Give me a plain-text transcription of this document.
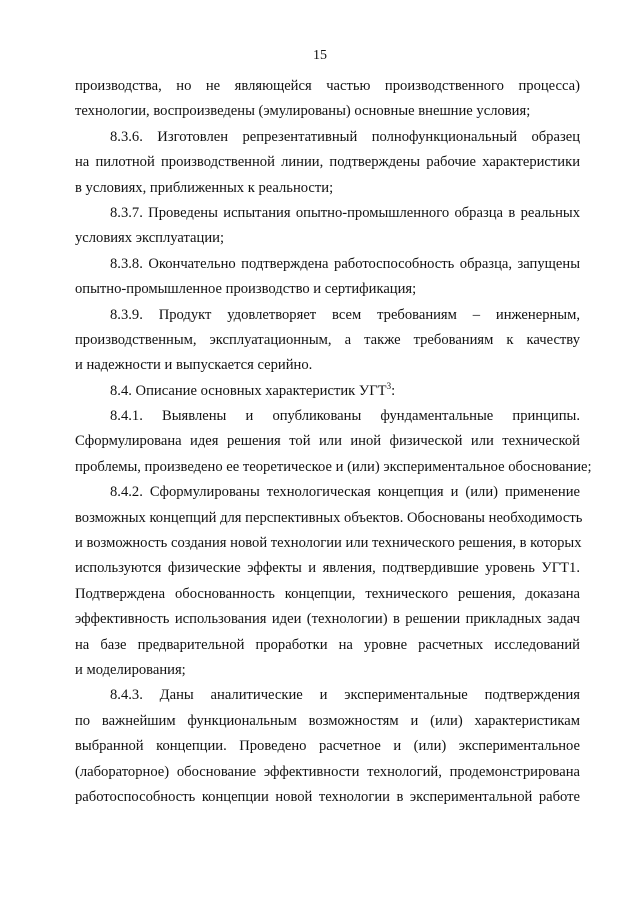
15
производства, но не являющейся частью производственного процесса)
технологии, воспроизведены (эмулированы) основные внешние условия;
8.3.6. Изготовлен репрезентативный полнофункциональный образец
на пилотной производственной линии, подтверждены рабочие характеристики
в условиях, приближенных к реальности;
8.3.7. Проведены испытания опытно-промышленного образца в реальных
условиях эксплуатации;
8.3.8. Окончательно подтверждена работоспособность образца, запущены
опытно-промышленное производство и сертификация;
8.3.9. Продукт удовлетворяет всем требованиям – инженерным,
производственным, эксплуатационным, а также требованиям к качеству
и надежности и выпускается серийно.
8.4. Описание основных характеристик УГТ$^3$:
8.4.1. Выявлены и опубликованы фундаментальные принципы.
Сформулирована идея решения той или иной физической или технической
проблемы, произведено ее теоретическое и (или) экспериментальное обоснование;
8.4.2. Сформулированы технологическая концепция и (или) применение
возможных концепций для перспективных объектов. Обоснованы необходимость
и возможность создания новой технологии или технического решения, в которых
используются физические эффекты и явления, подтвердившие уровень УГТ1.
Подтверждена обоснованность концепции, технического решения, доказана
эффективность использования идеи (технологии) в решении прикладных задач
на базе предварительной проработки на уровне расчетных исследований
и моделирования;
8.4.3. Даны аналитические и экспериментальные подтверждения
по важнейшим функциональным возможностям и (или) характеристикам
выбранной концепции. Проведено расчетное и (или) экспериментальное
(лабораторное) обоснование эффективности технологий, продемонстрирована
работоспособность концепции новой технологии в экспериментальной работе
